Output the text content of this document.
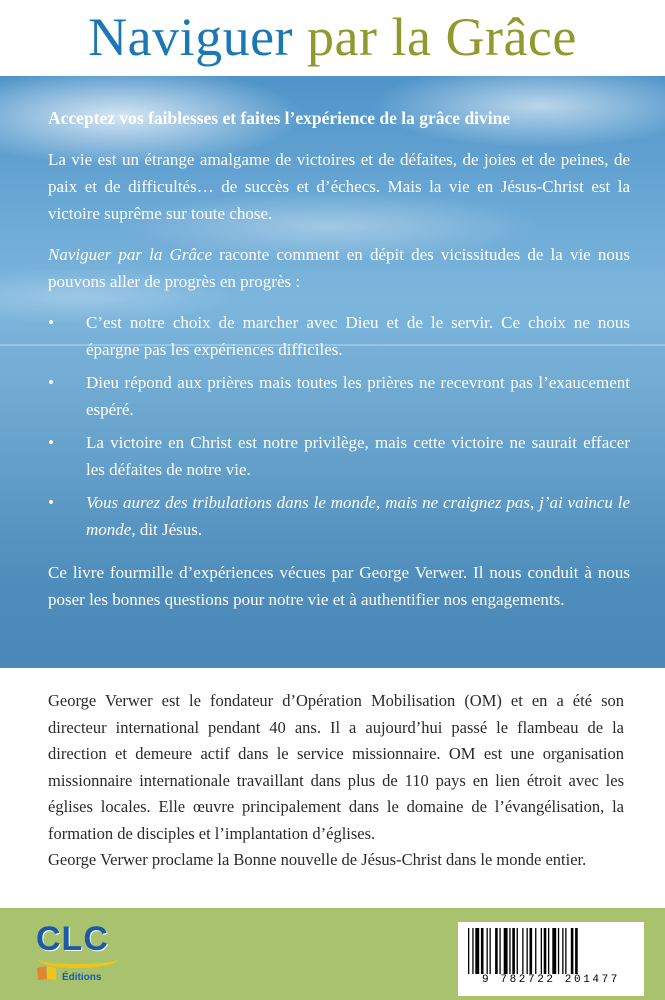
Naviguer par la Grâce

Acceptez vos faiblesses et faites l’expérience de la grâce divine

La vie est un étrange amalgame de victoires et de défaites, de joies et de peines, de paix et de difficultés… de succès et d’échecs. Mais la vie en Jésus-Christ est la victoire suprême sur toute chose.

Naviguer par la Grâce raconte comment en dépit des vicissitudes de la vie nous pouvons aller de progrès en progrès :

• C’est notre choix de marcher avec Dieu et de le servir. Ce choix ne nous épargne pas les expériences difficiles.
• Dieu répond aux prières mais toutes les prières ne recevront pas l’exaucement espéré.
• La victoire en Christ est notre privilège, mais cette victoire ne saurait effacer les défaites de notre vie.
• Vous aurez des tribulations dans le monde, mais ne craignez pas, j’ai vaincu le monde, dit Jésus.

Ce livre fourmille d’expériences vécues par George Verwer. Il nous conduit à nous poser les bonnes questions pour notre vie et à authentifier nos engagements.

George Verwer est le fondateur d’Opération Mobilisation (OM) et en a été son directeur international pendant 40 ans. Il a aujourd’hui passé le flambeau de la direction et demeure actif dans le service missionnaire. OM est une organisation missionnaire internationale travaillant dans plus de 110 pays en lien étroit avec les églises locales. Elle œuvre principalement dans le domaine de l’évangélisation, la formation de disciples et l’implantation d’églises.

George Verwer proclame la Bonne nouvelle de Jésus-Christ dans le monde entier.

CLC
Éditions	9 782722 201477
